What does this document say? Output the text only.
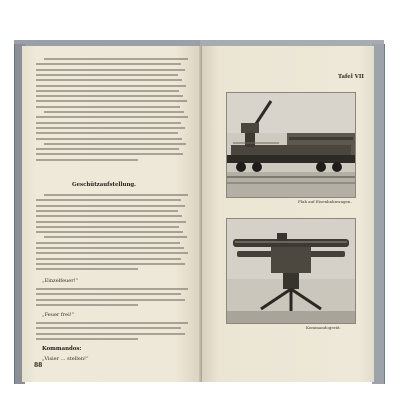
Geschützaufstellung.
„Einzelfeuer!“
„Feuer frei!“
Kommandos:
„Visier … stellen!“
88
Tafel VII
Flak auf Eisenbahnwagen.
Kommandogerät.
